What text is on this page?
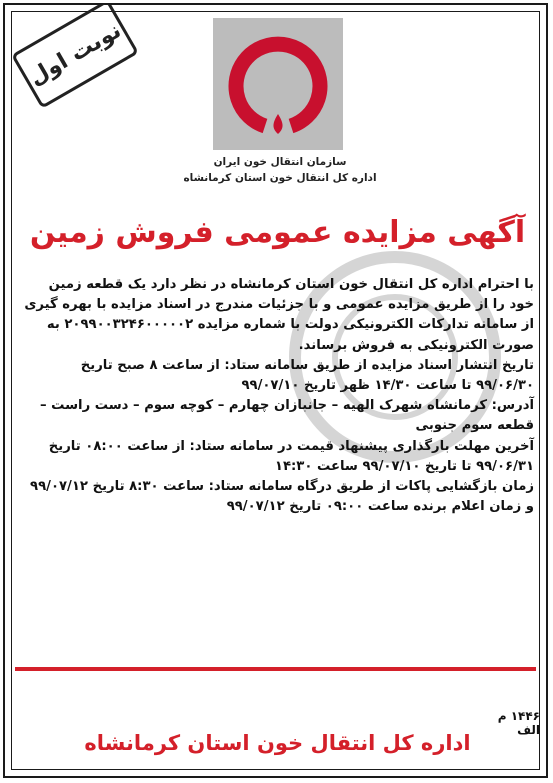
نوبت اول
سازمان انتقال خون ایران
اداره کل انتقال خون استان کرمانشاه
آگهی مزایده عمومی فروش زمین

با احترام اداره کل انتقال خون استان کرمانشاه در نظر دارد یک قطعه زمین خود را از طریق مزایده عمومی و با جزئیات مندرج در اسناد مزایده با بهره گیری از سامانه تدارکات الکترونیکی دولت با شماره مزایده ۲۰۹۹۰۰۳۲۴۶۰۰۰۰۰۲ به صورت الکترونیکی به فروش برساند.

تاریخ انتشار اسناد مزایده از طریق سامانه ستاد: از ساعت ۸ صبح تاریخ ۹۹/۰۶/۳۰ تا ساعت ۱۴/۳۰ ظهر تاریخ ۹۹/۰۷/۱۰

آدرس: کرمانشاه شهرک الهیه – جانبازان چهارم – کوچه سوم – دست راست – قطعه سوم جنوبی

آخرین مهلت بارگذاری پیشنهاد قیمت در سامانه ستاد: از ساعت ۰۸:۰۰ تاریخ ۹۹/۰۶/۳۱ تا تاریخ ۹۹/۰۷/۱۰ ساعت ۱۴:۳۰

زمان بازگشایی پاکات از طریق درگاه سامانه ستاد: ساعت ۸:۳۰ تاریخ ۹۹/۰۷/۱۲ و زمان اعلام برنده ساعت ۰۹:۰۰ تاریخ ۹۹/۰۷/۱۲

۱۴۴۶ م الف
اداره کل انتقال خون استان کرمانشاه
